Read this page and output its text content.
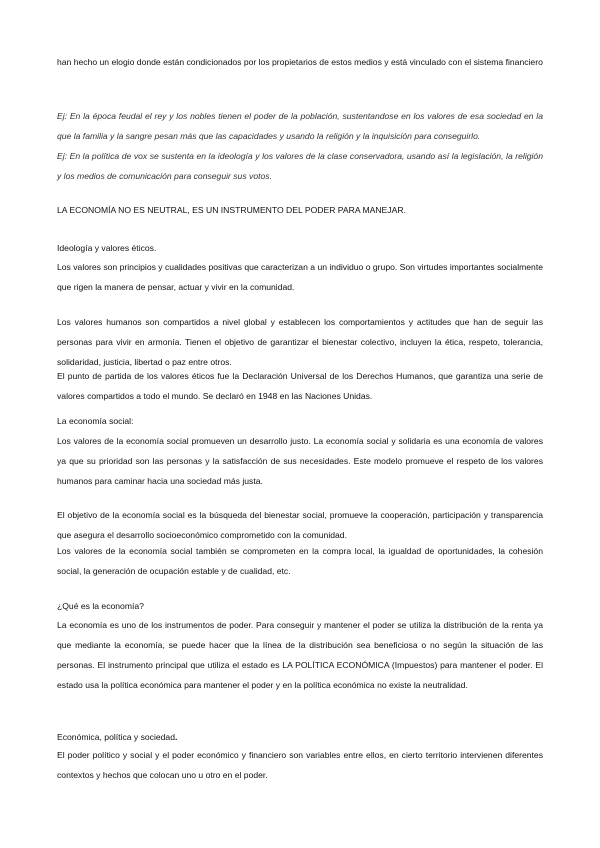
han hecho un elogio donde están condicionados por los propietarios de estos medios y está vinculado con el sistema financiero

Ej: En la época feudal el rey y los nobles tienen el poder de la población, sustentandose en los valores de esa sociedad en la que la familia y la sangre pesan más que las capacidades y usando la religión y la inquisición para conseguirlo.

Ej: En la política de vox se sustenta en la ideología y los valores de la clase conservadora, usando así la legislación, la religión y los medios de comunicación para conseguir sus votos.

LA ECONOMÍA NO ES NEUTRAL, ES UN INSTRUMENTO DEL PODER PARA MANEJAR.

Ideología y valores éticos.

Los valores son principios y cualidades positivas que caracterizan a un individuo o grupo. Son virtudes importantes socialmente que rigen la manera de pensar, actuar y vivir en la comunidad.

Los valores humanos son compartidos a nivel global y establecen los comportamientos y actitudes que han de seguir las personas para vivir en armonía. Tienen el objetivo de garantizar el bienestar colectivo, incluyen la ética, respeto, tolerancia, solidaridad, justicia, libertad o paz entre otros.

El punto de partida de los valores éticos fue la Declaración Universal de los Derechos Humanos, que garantiza una serie de valores compartidos a todo el mundo. Se declaró en 1948 en las Naciones Unidas.

La economía social:

Los valores de la economía social promueven un desarrollo justo. La economía social y solidaria es una economía de valores ya que su prioridad son las personas y la satisfacción de sus necesidades. Este modelo promueve el respeto de los valores humanos para caminar hacia una sociedad más justa.

El objetivo de la economía social es la búsqueda del bienestar social, promueve la cooperación, participación y transparencia que asegura el desarrollo socioeconómico comprometido con la comunidad.

Los valores de la economía social también se comprometen en la compra local, la igualdad de oportunidades, la cohesión social, la generación de ocupación estable y de cualidad, etc.

¿Qué es la economía?

La economía es uno de los instrumentos de poder. Para conseguir y mantener el poder se utiliza la distribución de la renta ya que mediante la economía, se puede hacer que la línea de la distribución sea beneficiosa o no según la situación de las personas. El instrumento principal que utiliza el estado es LA POLÍTICA ECONÓMICA (Impuestos) para mantener el poder. El estado usa la política económica para mantener el poder y en la política económica no existe la neutralidad.

Económica, política y sociedad.

El poder político y social y el poder económico y financiero son variables entre ellos, en cierto territorio intervienen diferentes contextos y hechos que colocan uno u otro en el poder.
